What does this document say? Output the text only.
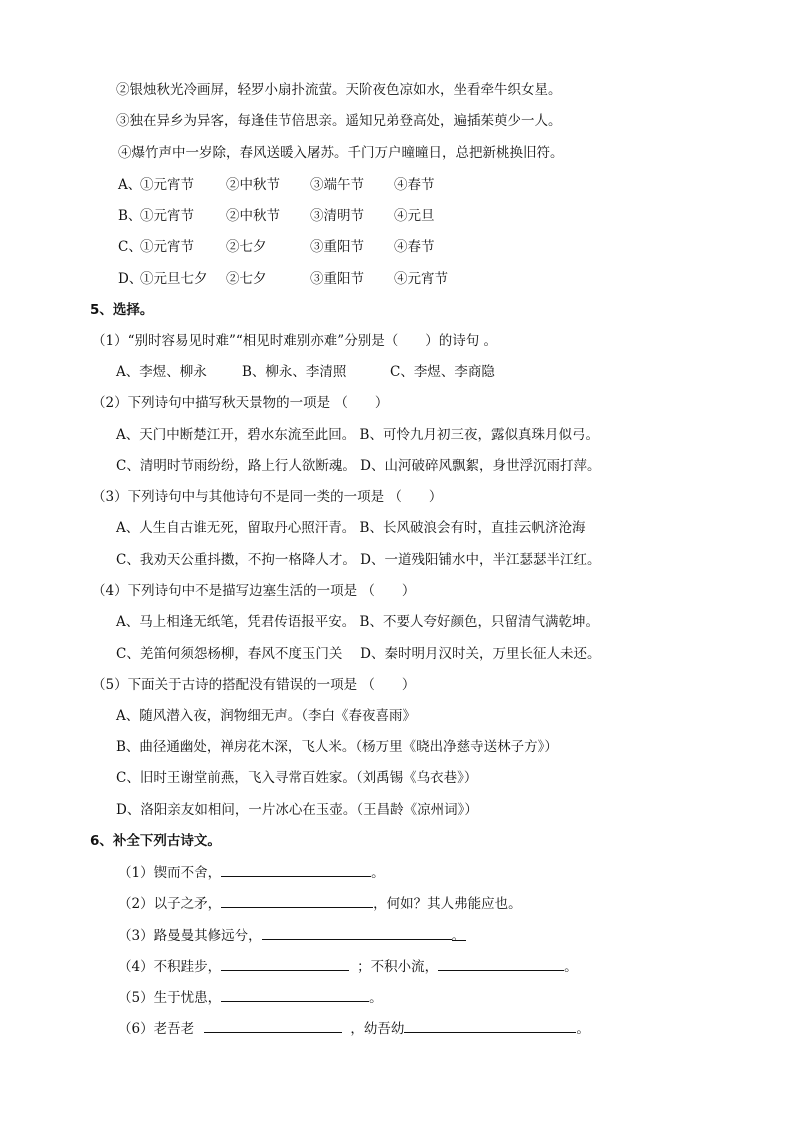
②银烛秋光冷画屏，轻罗小扇扑流萤。天阶夜色凉如水，坐看牵牛织女星。
③独在异乡为异客，每逢佳节倍思亲。遥知兄弟登高处，遍插茱萸少一人。
④爆竹声中一岁除，春风送暖入屠苏。千门万户曈曈日，总把新桃换旧符。
A、①元宵节 ②中秋节 ③端午节 ④春节
B、①元宵节 ②中秋节 ③清明节 ④元旦
C、①元宵节 ②七夕	③重阳节 ④春节
D、①元旦七夕 ②七夕	③重阳节 ④元宵节
5、选择。
（1）“别时容易见时难”“相见时难别亦难”分别是（　　）的诗句 。
A、李煜、柳永	B、柳永、李清照	C、李煜、李商隐
（2）下列诗句中描写秋天景物的一项是 （　　）
A、天门中断楚江开，碧水东流至此回。 B、可怜九月初三夜，露似真珠月似弓。
C、清明时节雨纷纷，路上行人欲断魂。 D、山河破碎风飘絮，身世浮沉雨打萍。
（3）下列诗句中与其他诗句不是同一类的一项是 （　　）
A、人生自古谁无死，留取丹心照汗青。 B、长风破浪会有时，直挂云帆济沧海
C、我劝天公重抖擞，不拘一格降人才。 D、一道残阳铺水中，半江瑟瑟半江红。
（4）下列诗句中不是描写边塞生活的一项是 （　　）
A、马上相逢无纸笔，凭君传语报平安。 B、不要人夸好颜色，只留清气满乾坤。
C、羌笛何须怨杨柳，春风不度玉门关　 D、秦时明月汉时关，万里长征人未还。
（5）下面关于古诗的搭配没有错误的一项是 （　　）
A、随风潜入夜，润物细无声。（李白《春夜喜雨》
B、曲径通幽处，禅房花木深，飞人米。（杨万里《晓出净慈寺送林子方》）
C、旧时王谢堂前燕，飞入寻常百姓家。（刘禹锡《乌衣巷》）
D、洛阳亲友如相问，一片冰心在玉壶。（王昌龄《凉州词》）
6、补全下列古诗文。
（1）锲而不舍，	。
（2）以子之矛，	，何如？其人弗能应也。
（3）路曼曼其修远兮，	。
（4）不积跬步，	；不积小流，	。
（5）生于忧患，	。
（6）老吾老	，幼吾幼	。
